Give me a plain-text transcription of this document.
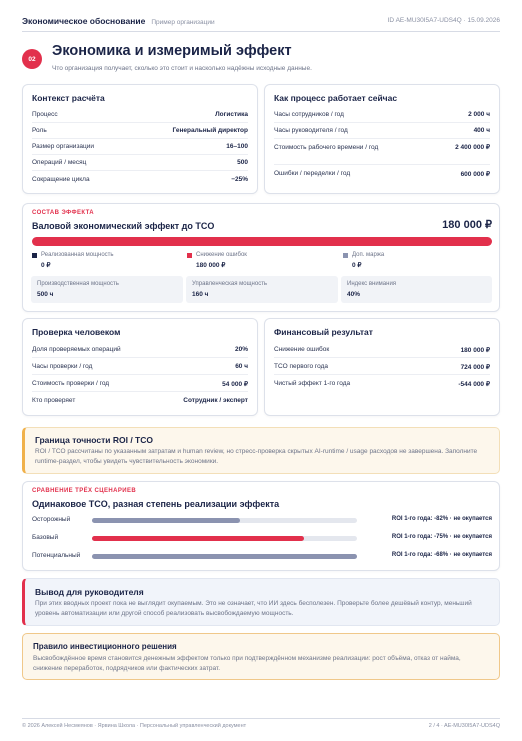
Экономическое обоснование Пример организации	ID AE-MU30I5A7-UDS4Q · 15.09.2026
02	Экономика и измеримый эффект
Что организация получает, сколько это стоит и насколько надёжны исходные данные.
Контекст расчёта
Процесс	Логистика
Роль	Генеральный директор
Размер организации	16–100
Операций / месяц	500
Сокращение цикла	−25%
Как процесс работает сейчас
Часы сотрудников / год	2 000 ч
Часы руководителя / год	400 ч
Стоимость рабочего времени / год	2 400 000 ₽
Ошибки / переделки / год	600 000 ₽
СОСТАВ ЭФФЕКТА
Валовой экономический эффект до TCO	180 000 ₽
Реализованная мощность
0 ₽
Снижение ошибок
180 000 ₽
Доп. маржа
0 ₽
Производственная мощность
500 ч
Управленческая мощность
160 ч
Индекс внимания
40%
Проверка человеком
Доля проверяемых операций	20%
Часы проверки / год	60 ч
Стоимость проверки / год	54 000 ₽
Кто проверяет	Сотрудник / эксперт
Финансовый результат
Снижение ошибок	180 000 ₽
TCO первого года	724 000 ₽
Чистый эффект 1-го года	-544 000 ₽
Граница точности ROI / TCO
ROI / TCO рассчитаны по указанным затратам и human review, но стресс-проверка скрытых AI-runtime / usage расходов не завершена. Заполните runtime-раздел, чтобы увидеть чувствительность экономики.
СРАВНЕНИЕ ТРЁХ СЦЕНАРИЕВ
Одинаковое TCO, разная степень реализации эффекта
Осторожный	ROI 1-го года: -82% · не окупается
Базовый	ROI 1-го года: -75% · не окупается
Потенциальный	ROI 1-го года: -68% · не окупается
Вывод для руководителя
При этих вводных проект пока не выглядит окупаемым. Это не означает, что ИИ здесь бесполезен. Проверьте более дешёвый контур, меньший уровень автоматизации или другой способ реализовать высвобождаемую мощность.
Правило инвестиционного решения
Высвобождённое время становится денежным эффектом только при подтверждённом механизме реализации: рост объёма, отказ от найма, снижение переработок, подрядчиков или фактических затрат.
© 2026 Алексей Несмеянов · Ярвина Школа · Персональный управленческий документ	2 / 4 · AE-MU30I5A7-UDS4Q
